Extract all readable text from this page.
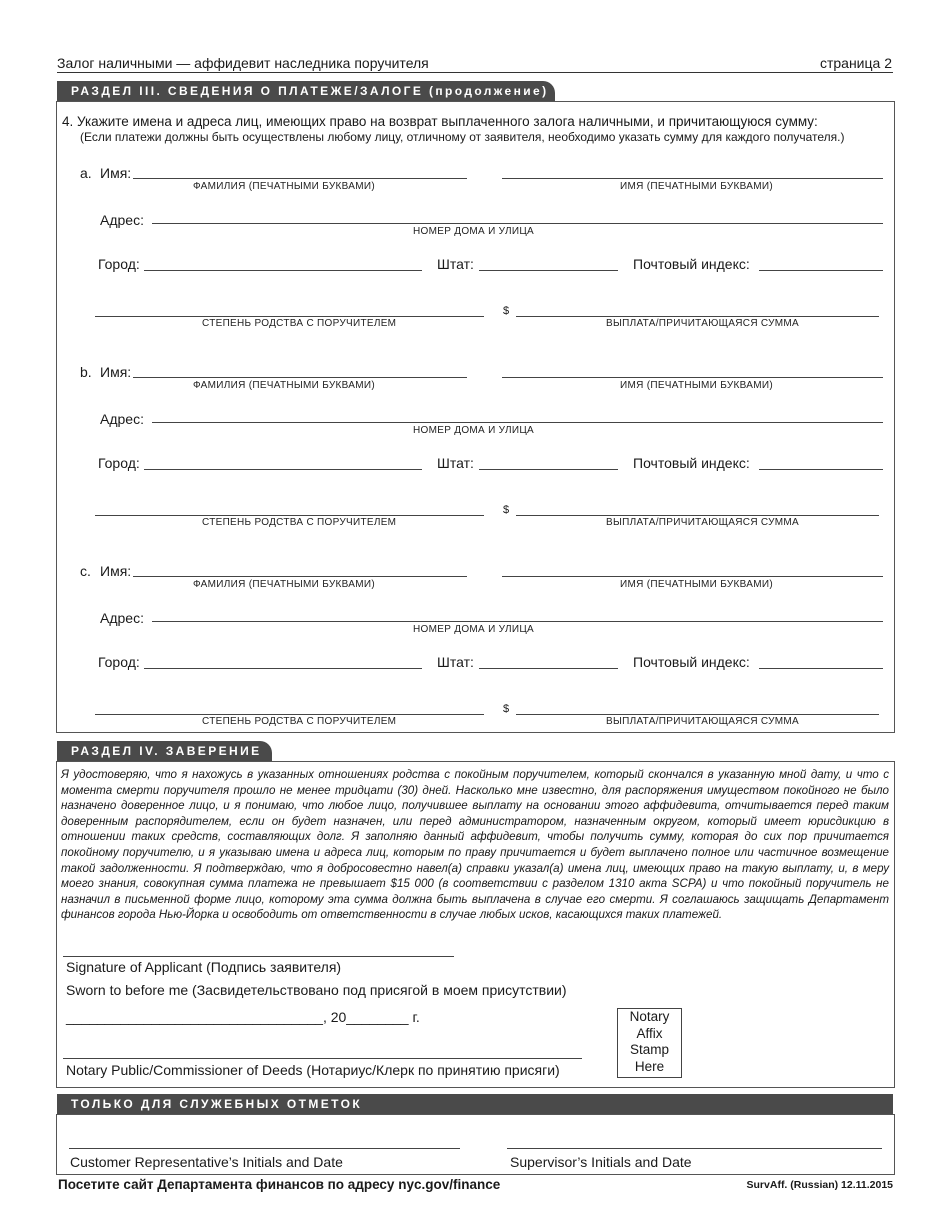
Залог наличными — аффидевит наследника поручителя	страница 2
РАЗДЕЛ III. СВЕДЕНИЯ О ПЛАТЕЖЕ/ЗАЛОГЕ (продолжение)
4. Укажите имена и адреса лиц, имеющих право на возврат выплаченного залога наличными, и причитающуюся сумму:
(Если платежи должны быть осуществлены любому лицу, отличному от заявителя, необходимо указать сумму для каждого получателя.)
a. Имя:
ФАМИЛИЯ (ПЕЧАТНЫМИ БУКВАМИ)	ИМЯ (ПЕЧАТНЫМИ БУКВАМИ)
Адрес:
НОМЕР ДОМА И УЛИЦА
Город:	Штат:	Почтовый индекс:
СТЕПЕНЬ РОДСТВА С ПОРУЧИТЕЛЕМ
$
ВЫПЛАТА/ПРИЧИТАЮЩАЯСЯ СУММА
b. Имя:
ФАМИЛИЯ (ПЕЧАТНЫМИ БУКВАМИ)	ИМЯ (ПЕЧАТНЫМИ БУКВАМИ)
Адрес:
НОМЕР ДОМА И УЛИЦА
Город:	Штат:	Почтовый индекс:
СТЕПЕНЬ РОДСТВА С ПОРУЧИТЕЛЕМ
$
ВЫПЛАТА/ПРИЧИТАЮЩАЯСЯ СУММА
c. Имя:
ФАМИЛИЯ (ПЕЧАТНЫМИ БУКВАМИ)	ИМЯ (ПЕЧАТНЫМИ БУКВАМИ)
Адрес:
НОМЕР ДОМА И УЛИЦА
Город:	Штат:	Почтовый индекс:
СТЕПЕНЬ РОДСТВА С ПОРУЧИТЕЛЕМ
$
ВЫПЛАТА/ПРИЧИТАЮЩАЯСЯ СУММА
РАЗДЕЛ IV. ЗАВЕРЕНИЕ
Я удостоверяю, что я нахожусь в указанных отношениях родства с покойным поручителем, который скончался в указанную мной дату, и что с момента смерти поручителя прошло не менее тридцати (30) дней. Насколько мне известно, для распоряжения имуществом покойного не было назначено доверенное лицо, и я понимаю, что любое лицо, получившее выплату на основании этого аффидевита, отчитывается перед таким доверенным распорядителем, если он будет назначен, или перед администратором, назначенным округом, который имеет юрисдикцию в отношении таких средств, составляющих долг. Я заполняю данный аффидевит, чтобы получить сумму, которая до сих пор причитается покойному поручителю, и я указываю имена и адреса лиц, которым по праву причитается и будет выплачено полное или частичное возмещение такой задолженности. Я подтверждаю, что я добросовестно навел(а) справки указал(а) имена лиц, имеющих право на такую выплату, и, в меру моего знания, совокупная сумма платежа не превышает $15 000 (в соответствии с разделом 1310 акта SCPA) и что покойный поручитель не назначил в письменной форме лицо, которому эта сумма должна быть выплачена в случае его смерти. Я соглашаюсь защищать Департамент финансов города Нью-Йорка и освободить от ответственности в случае любых исков, касающихся таких платежей.
Signature of Applicant (Подпись заявителя)
Sworn to before me (Засвидетельствовано под присягой в моем присутствии)
_________________________________, 20________ г.
Notary Public/Commissioner of Deeds (Нотариус/Клерк по принятию присяги)
Notary
Affix
Stamp
Here
ТОЛЬКО ДЛЯ СЛУЖЕБНЫХ ОТМЕТОК
Customer Representative’s Initials and Date	Supervisor’s Initials and Date
Посетите сайт Департамента финансов по адресу nyc.gov/finance	SurvAff. (Russian) 12.11.2015
